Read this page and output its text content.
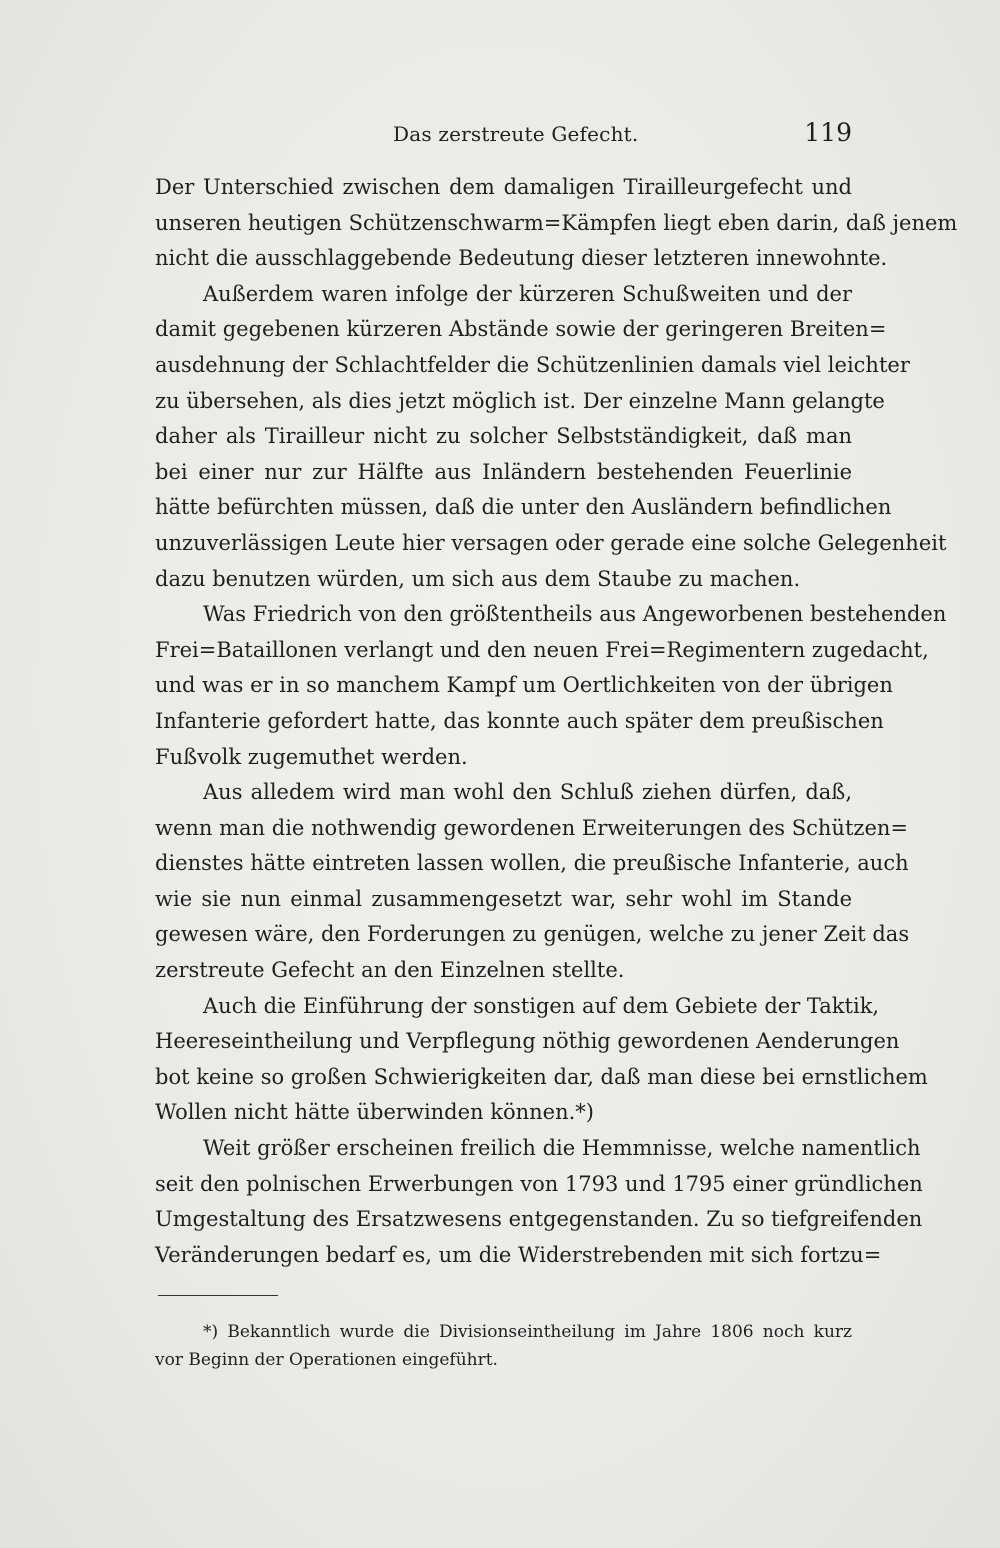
Das zerstreute Gefecht.	119
Der Unterschied zwischen dem damaligen Tirailleurgefecht und
unseren heutigen Schützenschwarm=Kämpfen liegt eben darin, daß jenem
nicht die ausschlaggebende Bedeutung dieser letzteren innewohnte.
Außerdem waren infolge der kürzeren Schußweiten und der
damit gegebenen kürzeren Abstände sowie der geringeren Breiten=
ausdehnung der Schlachtfelder die Schützenlinien damals viel leichter
zu übersehen, als dies jetzt möglich ist. Der einzelne Mann gelangte
daher als Tirailleur nicht zu solcher Selbstständigkeit, daß man
bei einer nur zur Hälfte aus Inländern bestehenden Feuerlinie
hätte befürchten müssen, daß die unter den Ausländern befindlichen
unzuverlässigen Leute hier versagen oder gerade eine solche Gelegenheit
dazu benutzen würden, um sich aus dem Staube zu machen.
Was Friedrich von den größtentheils aus Angeworbenen bestehenden
Frei=Bataillonen verlangt und den neuen Frei=Regimentern zugedacht,
und was er in so manchem Kampf um Oertlichkeiten von der übrigen
Infanterie gefordert hatte, das konnte auch später dem preußischen
Fußvolk zugemuthet werden.
Aus alledem wird man wohl den Schluß ziehen dürfen, daß,
wenn man die nothwendig gewordenen Erweiterungen des Schützen=
dienstes hätte eintreten lassen wollen, die preußische Infanterie, auch
wie sie nun einmal zusammengesetzt war, sehr wohl im Stande
gewesen wäre, den Forderungen zu genügen, welche zu jener Zeit das
zerstreute Gefecht an den Einzelnen stellte.
Auch die Einführung der sonstigen auf dem Gebiete der Taktik,
Heereseintheilung und Verpflegung nöthig gewordenen Aenderungen
bot keine so großen Schwierigkeiten dar, daß man diese bei ernstlichem
Wollen nicht hätte überwinden können.*)
Weit größer erscheinen freilich die Hemmnisse, welche namentlich
seit den polnischen Erwerbungen von 1793 und 1795 einer gründlichen
Umgestaltung des Ersatzwesens entgegenstanden. Zu so tiefgreifenden
Veränderungen bedarf es, um die Widerstrebenden mit sich fortzu=
*) Bekanntlich wurde die Divisionseintheilung im Jahre 1806 noch kurz
vor Beginn der Operationen eingeführt.
